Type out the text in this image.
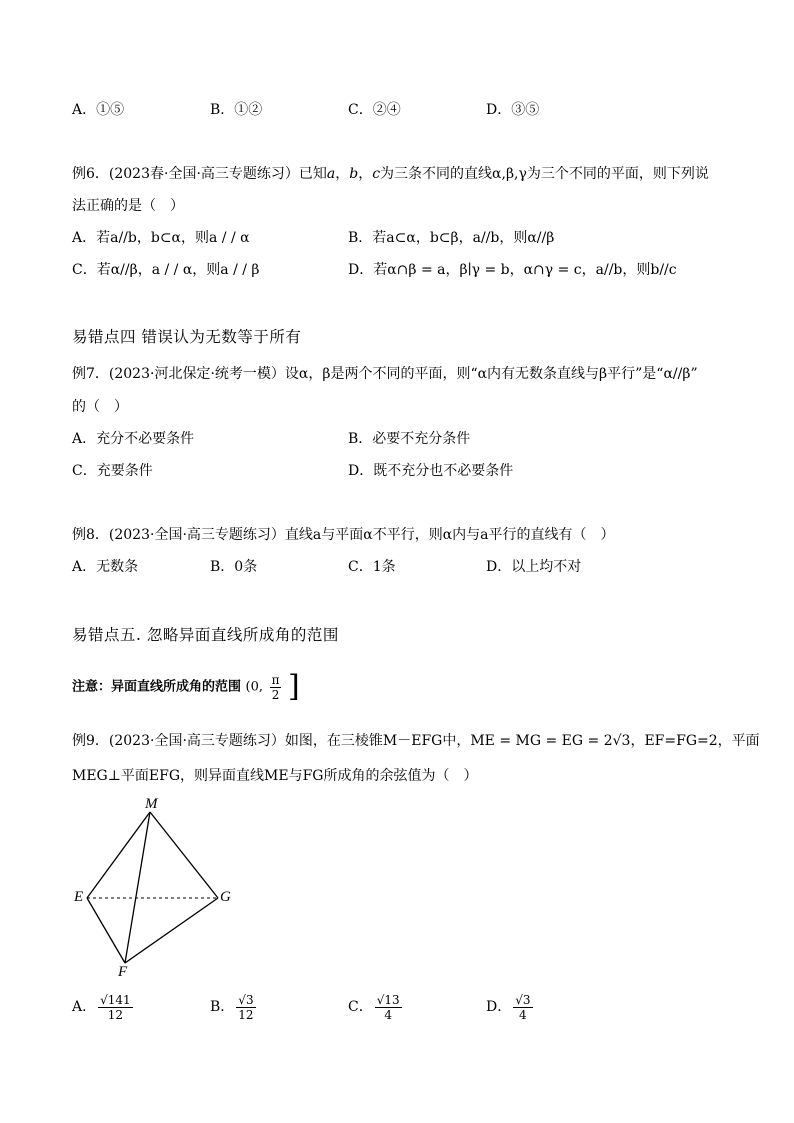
A．①⑤	B．①②	C．②④	D．③⑤
例6．(2023春·全国·高三专题练习）已知𝑎，𝑏，𝑐为三条不同的直线α,β,γ为三个不同的平面，则下列说
法正确的是（　）
A．若a//b，b⊂α，则a / / α	B．若a⊂α，b⊂β，a//b，则α//β
C．若α//β，a / / α，则a / / β	D．若α∩β = a，β∣γ = b，α∩γ = c，a//b，则b//c
易错点四 错误认为无数等于所有
例7．(2023·河北保定·统考一模）设α，β是两个不同的平面，则“α内有无数条直线与β平行”是“α//β”
的（　）
A．充分不必要条件	B．必要不充分条件
C．充要条件	D．既不充分也不必要条件
例8．(2023·全国·高三专题练习）直线a与平面α不平行，则α内与a平行的直线有（　）
A．无数条	B．0条	C．1条	D．以上均不对
易错点五. 忽略异面直线所成角的范围
注意：异面直线所成角的范围 (0, $\frac{\pi}{2}$ ]
例9．(2023·全国·高三专题练习）如图，在三棱锥M－EFG中，ME = MG = EG = 2√3，EF=FG=2，平面
MEG⊥平面EFG，则异面直线ME与FG所成角的余弦值为（　）
M
E	G
F
A． $\frac{√141}{12}$	B． $\frac{√3}{12}$	C． $\frac{√13}{4}$	D． $\frac{√3}{4}$
